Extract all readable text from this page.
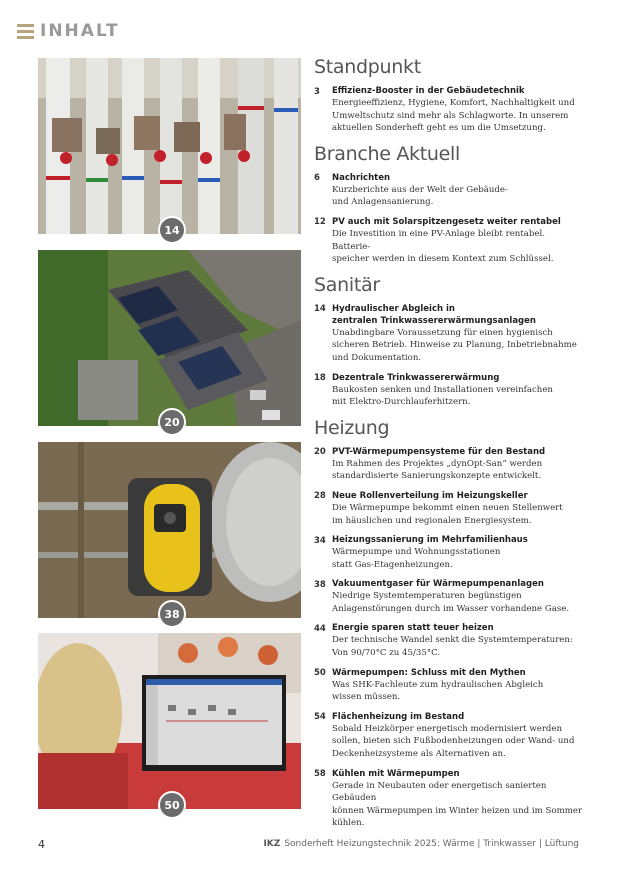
INHALT
14
20
38
50
Standpunkt
3	Effizienz-Booster in der Gebäudetechnik
Energieeffizienz, Hygiene, Komfort, Nachhaltigkeit und
Umweltschutz sind mehr als Schlagworte. In unserem
aktuellen Sonderheft geht es um die Umsetzung.
Branche Aktuell
6	Nachrichten
Kurzberichte aus der Welt der Gebäude-
und Anlagensanierung.
12 PV auch mit Solarspitzengesetz weiter rentabel
Die Investition in eine PV-Anlage bleibt rentabel. Batterie-
speicher werden in diesem Kontext zum Schlüssel.
Sanitär
14 Hydraulischer Abgleich in
zentralen Trinkwassererwärmungsanlagen
Unabdingbare Voraussetzung für einen hygienisch
sicheren Betrieb. Hinweise zu Planung, Inbetriebnahme
und Dokumentation.
18 Dezentrale Trinkwassererwärmung
Baukosten senken und Installationen vereinfachen
mit Elektro-Durchlauferhitzern.
Heizung
20 PVT-Wärmepumpensysteme für den Bestand
Im Rahmen des Projektes „dynOpt-San“ werden
standardisierte Sanierungskonzepte entwickelt.
28 Neue Rollenverteilung im Heizungskeller
Die Wärmepumpe bekommt einen neuen Stellenwert
im häuslichen und regionalen Energiesystem.
34 Heizungssanierung im Mehrfamilienhaus
Wärmepumpe und Wohnungsstationen
statt Gas-Etagenheizungen.
38 Vakuumentgaser für Wärmepumpenanlagen
Niedrige Systemtemperaturen begünstigen
Anlagenstörungen durch im Wasser vorhandene Gase.
44 Energie sparen statt teuer heizen
Der technische Wandel senkt die Systemtemperaturen:
Von 90/70°C zu 45/35°C.
50 Wärmepumpen: Schluss mit den Mythen
Was SHK-Fachleute zum hydraulischen Abgleich
wissen müssen.
54 Flächenheizung im Bestand
Sobald Heizkörper energetisch modernisiert werden
sollen, bieten sich Fußbodenheizungen oder Wand- und
Deckenheizsysteme als Alternativen an.
58 Kühlen mit Wärmepumpen
Gerade in Neubauten oder energetisch sanierten Gebäuden
können Wärmepumpen im Winter heizen und im Sommer
kühlen.
4	IKZ Sonderheft Heizungstechnik 2025: Wärme | Trinkwasser | Lüftung
